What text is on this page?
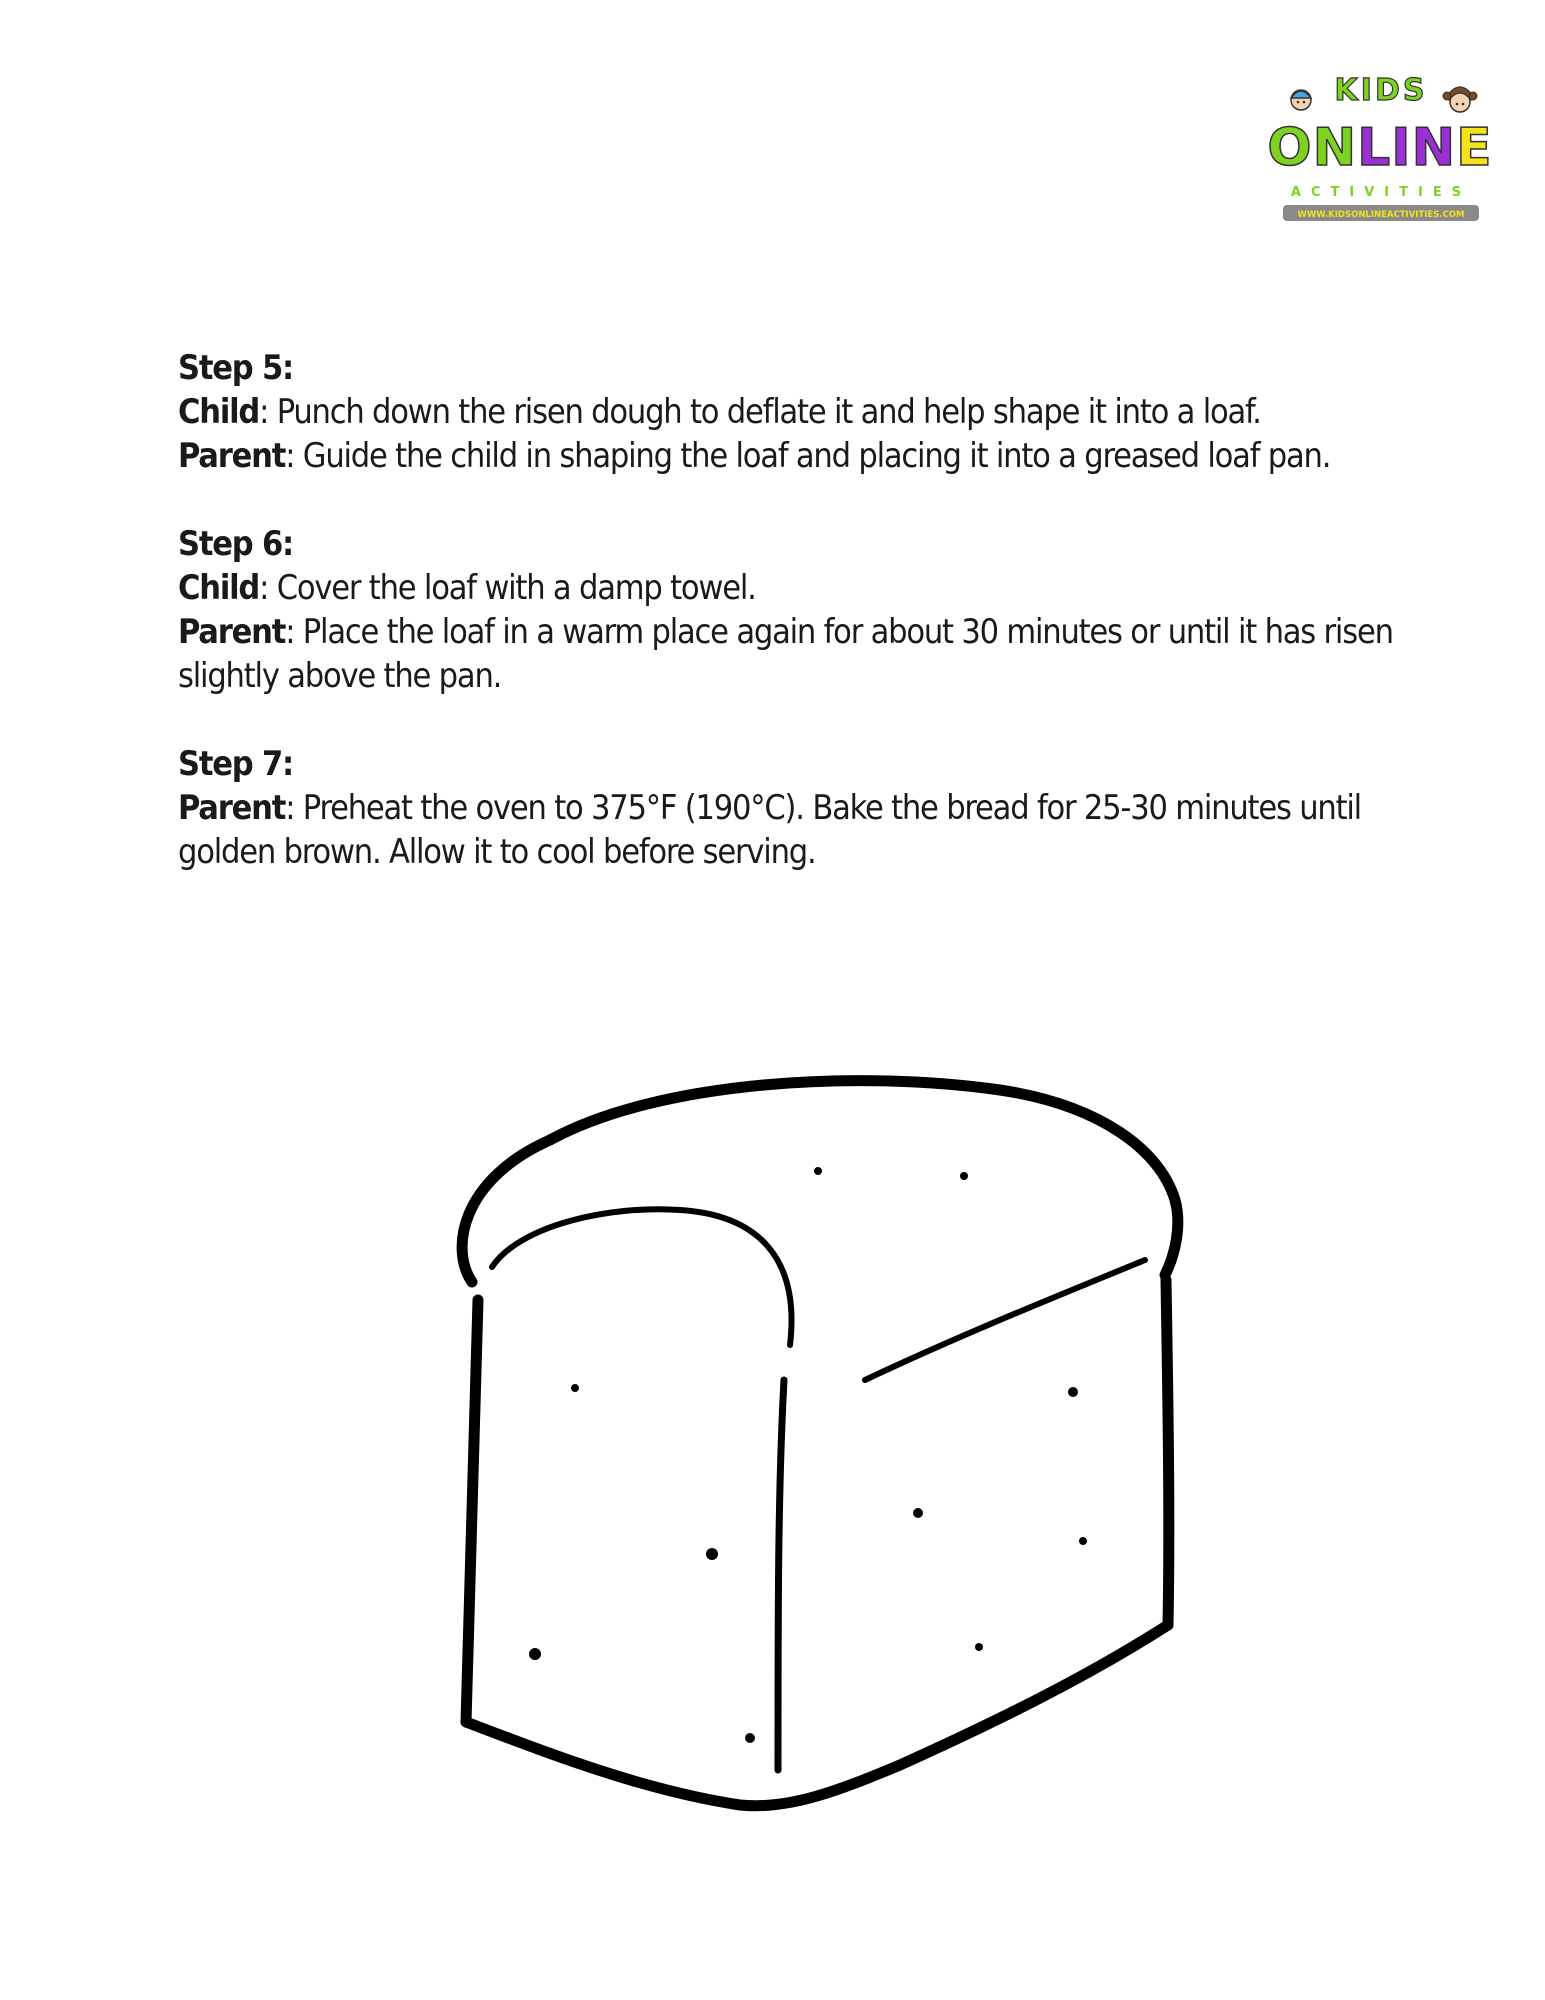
KIDS
ONLINE
ACTIVITIES
WWW.KIDSONLINEACTIVITIES.COM
Step 5:
Child: Punch down the risen dough to deflate it and help shape it into a loaf.
Parent: Guide the child in shaping the loaf and placing it into a greased loaf pan.
Step 6:
Child: Cover the loaf with a damp towel.
Parent: Place the loaf in a warm place again for about 30 minutes or until it has risen slightly above the pan.
Step 7:
Parent: Preheat the oven to 375°F (190°C). Bake the bread for 25-30 minutes until golden brown. Allow it to cool before serving.
